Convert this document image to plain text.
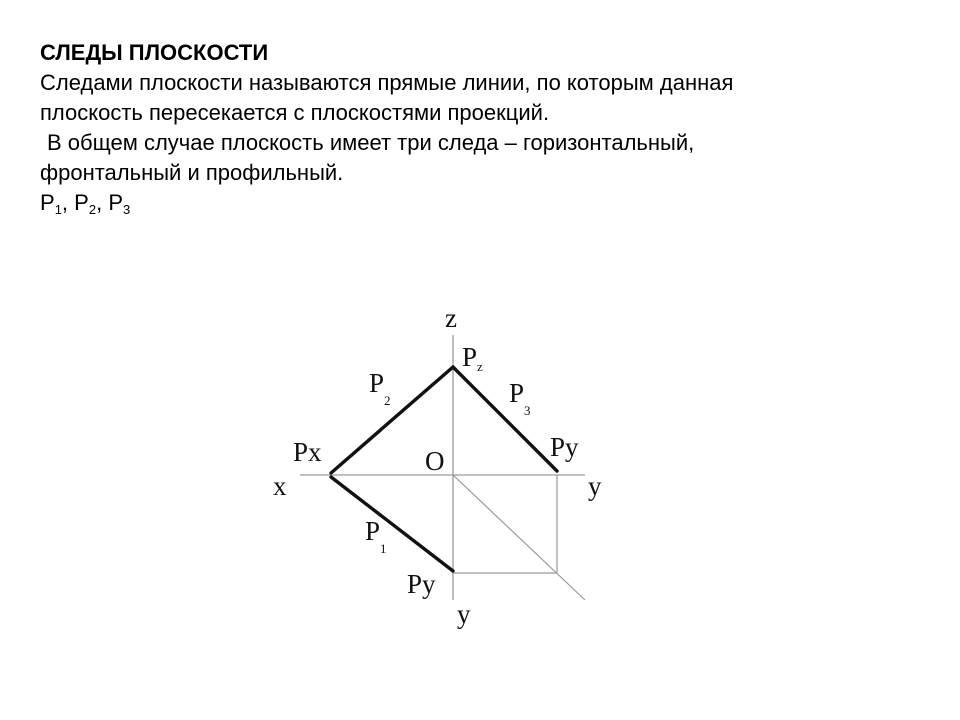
СЛЕДЫ ПЛОСКОСТИ

Следами плоскости называются прямые линии, по которым данная

плоскость пересекается с плоскостями проекций.

В общем случае плоскость имеет три следа – горизонтальный,

фронтальный и профильный.

$P_1$, $P_2$, $P_3$

z
x	y
y
O
Pz
Px	Py
Py
$P_2$	$P_3$
$P_1$
